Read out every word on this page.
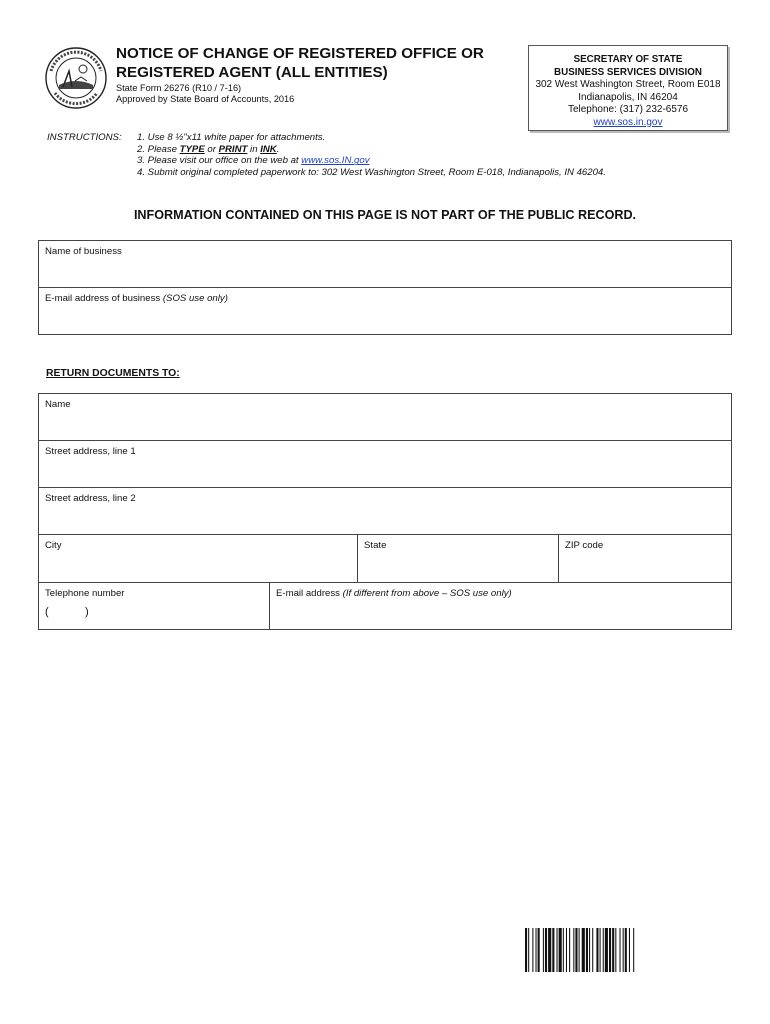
NOTICE OF CHANGE OF REGISTERED OFFICE OR
REGISTERED AGENT (ALL ENTITIES)
State Form 26276 (R10 / 7-16)
Approved by State Board of Accounts, 2016
SECRETARY OF STATE
BUSINESS SERVICES DIVISION
302 West Washington Street, Room E018
Indianapolis, IN 46204
Telephone: (317) 232-6576
www.sos.in.gov
INSTRUCTIONS: 1. Use 8 ½"x11 white paper for attachments.
2. Please TYPE or PRINT in INK.
3. Please visit our office on the web at www.sos.IN.gov
4. Submit original completed paperwork to: 302 West Washington Street, Room E-018, Indianapolis, IN 46204.
INFORMATION CONTAINED ON THIS PAGE IS NOT PART OF THE PUBLIC RECORD.
Name of business
E-mail address of business (SOS use only)
RETURN DOCUMENTS TO:
Name
Street address, line 1
Street address, line 2
City	State	ZIP code
Telephone number
(	)
E-mail address (If different from above – SOS use only)
